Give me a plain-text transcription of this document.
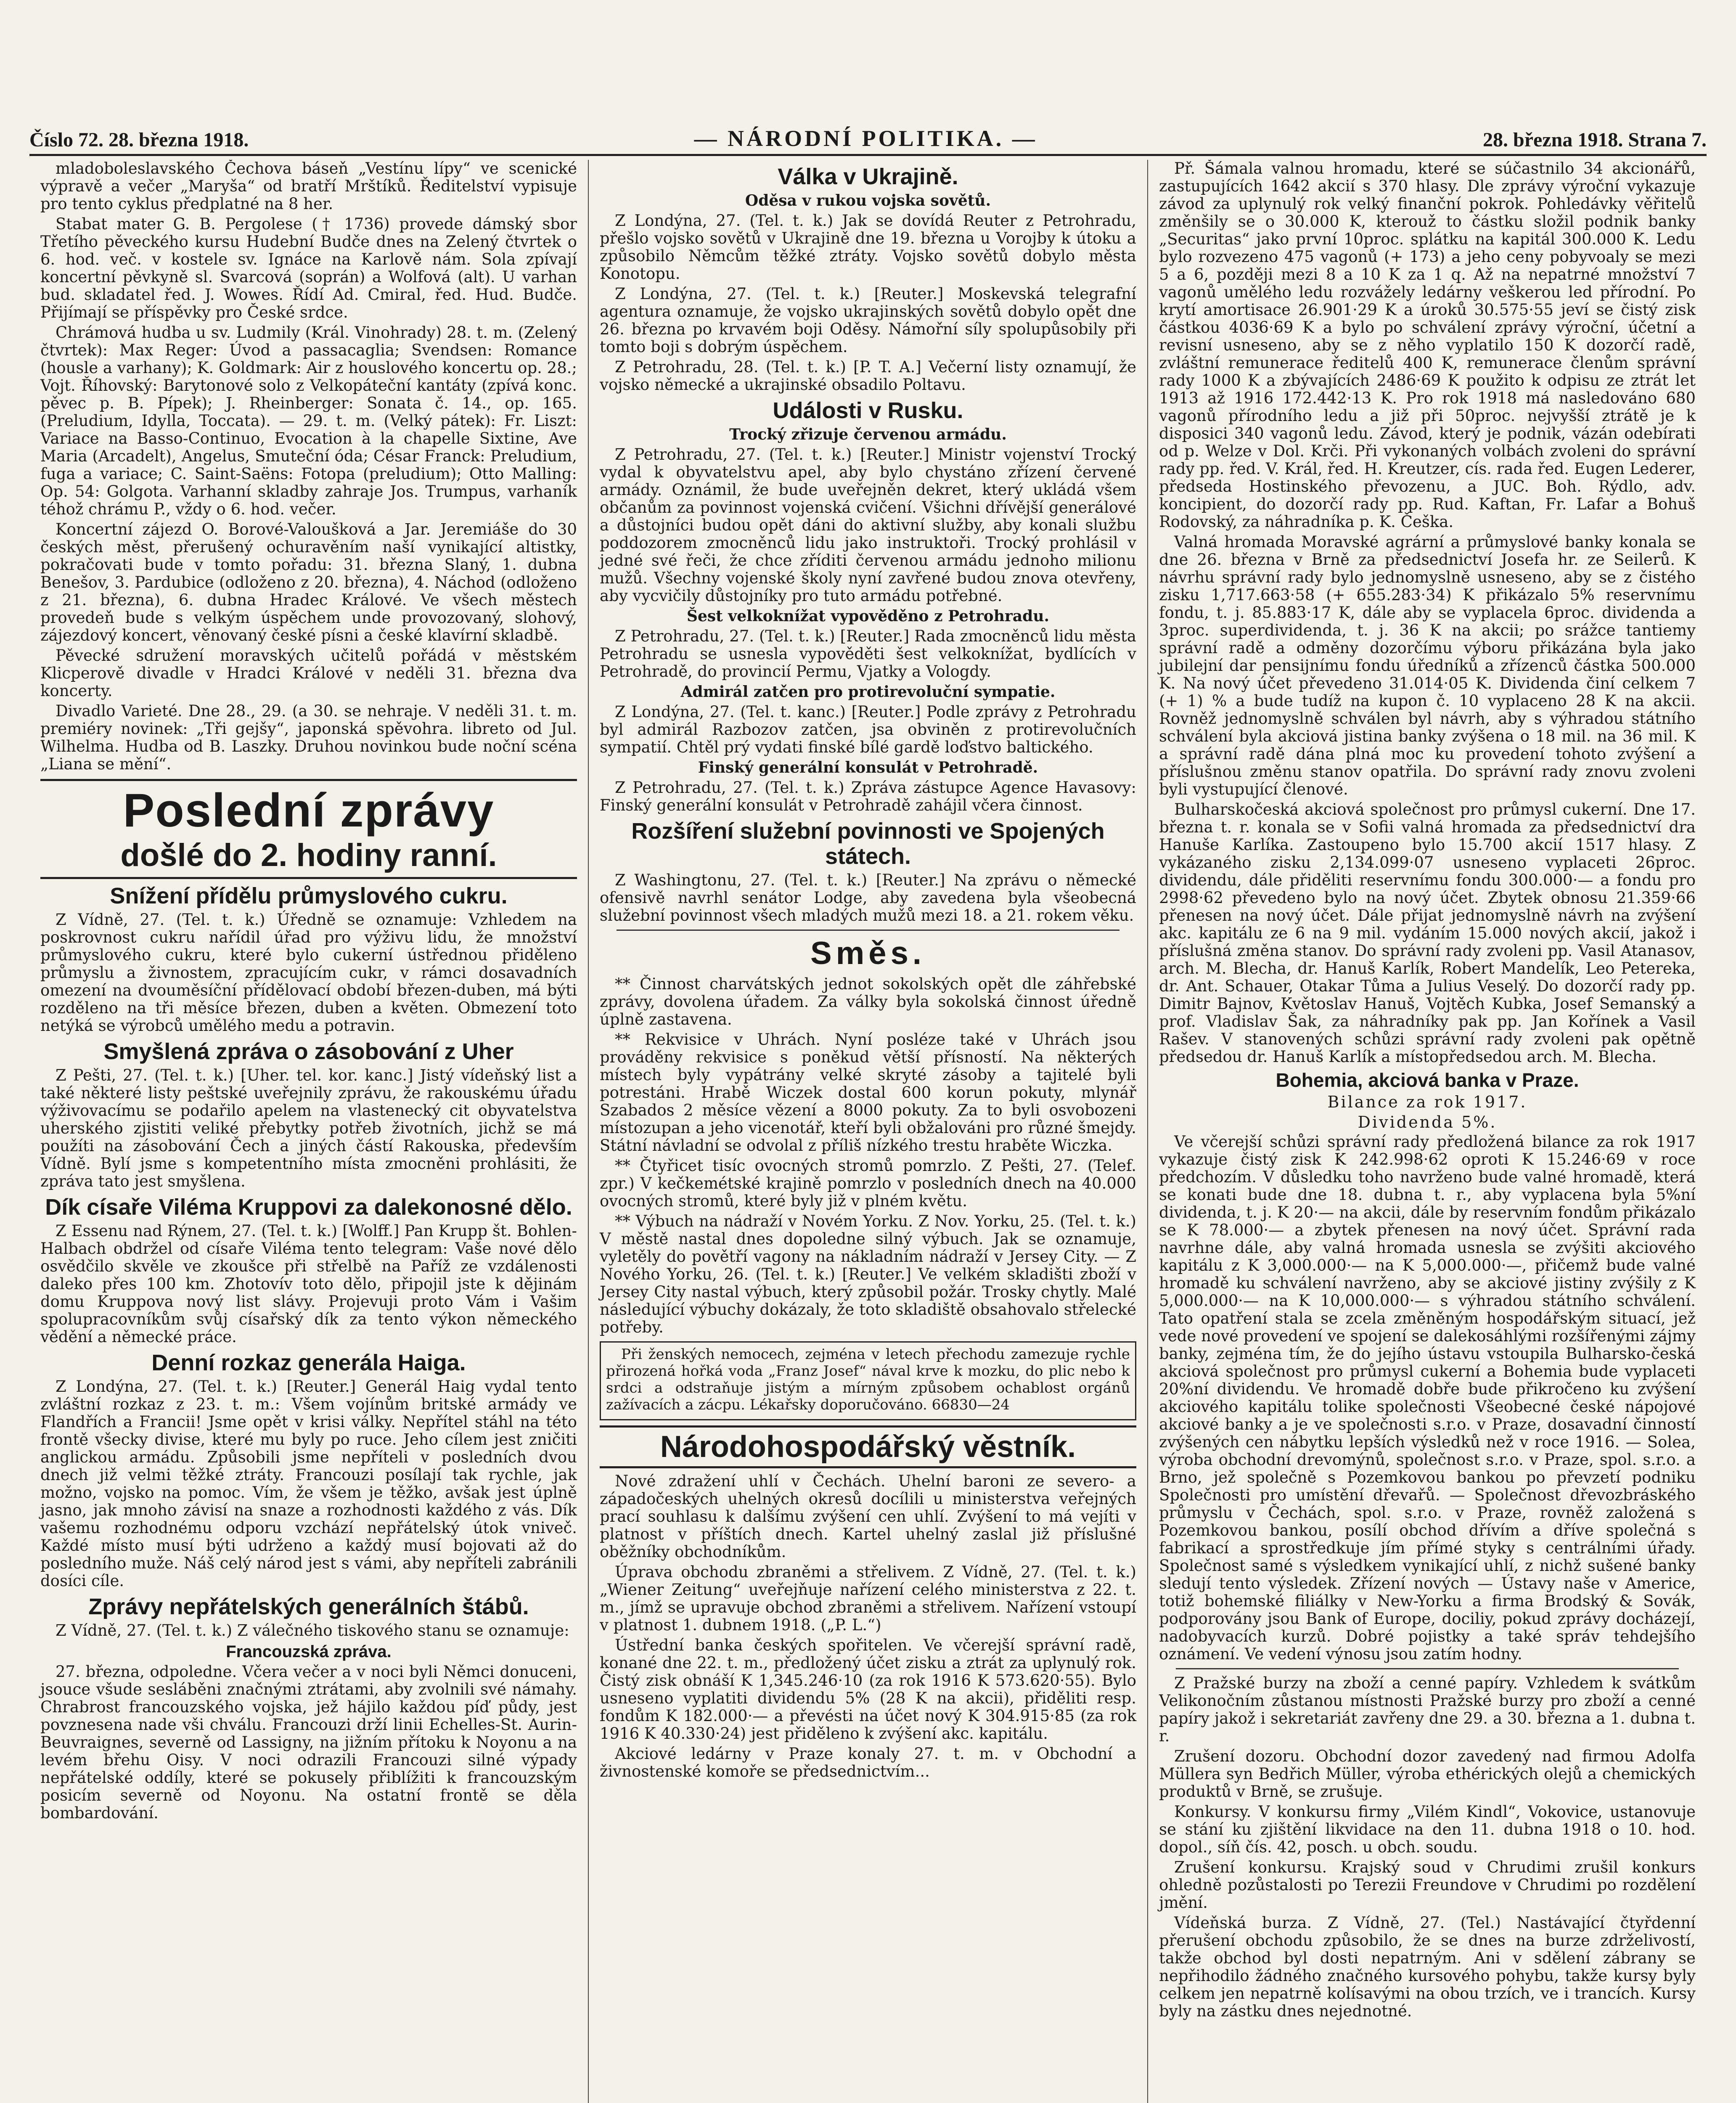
Číslo 72. 28. března 1918.	— NÁRODNÍ POLITIKA. —	28. března 1918. Strana 7.

mladoboleslavského Čechova báseň „Vestínu lípy“ ve scenické výpravě a večer „Maryša“ od bratří Mrštíků. Ředitelství vypisuje pro tento cyklus předplatné na 8 her.

Stabat mater G. B. Pergolese († 1736) provede dámský sbor Třetího pěveckého kursu Hudební Budče dnes na Zelený čtvrtek o 6. hod. več. v kostele sv. Ignáce na Karlově nám. Sola zpívají koncertní pěvkyně sl. Svarcová (soprán) a Wolfová (alt). U varhan bud. skladatel řed. J. Wowes. Řídí Ad. Cmiral, řed. Hud. Budče. Přijímají se příspěvky pro České srdce.

Chrámová hudba u sv. Ludmily (Král. Vinohrady) 28. t. m. (Zelený čtvrtek): Max Reger: Úvod a passacaglia; Svendsen: Romance (housle a varhany); K. Goldmark: Air z houslového koncertu op. 28.; Vojt. Říhovský: Barytonové solo z Velkopáteční kantáty (zpívá konc. pěvec p. B. Pípek); J. Rheinberger: Sonata č. 14., op. 165. (Preludium, Idylla, Toccata). — 29. t. m. (Velký pátek): Fr. Liszt: Variace na Basso-Continuo, Evocation à la chapelle Sixtine, Ave Maria (Arcadelt), Angelus, Smuteční óda; César Franck: Preludium, fuga a variace; C. Saint-Saëns: Fotopa (preludium); Otto Malling: Op. 54: Golgota. Varhanní skladby zahraje Jos. Trumpus, varhaník téhož chrámu P., vždy o 6. hod. večer.

Koncertní zájezd O. Borové-Valoušková a Jar. Jeremiáše do 30 českých měst, přerušený ochuravěním naší vynikající altistky, pokračovati bude v tomto pořadu: 31. března Slaný, 1. dubna Benešov, 3. Pardubice (odloženo z 20. března), 4. Náchod (odloženo z 21. března), 6. dubna Hradec Králové. Ve všech městech provedeň bude s velkým úspěchem unde provozovaný, slohový, zájezdový koncert, věnovaný české písni a české klavírní skladbě.

Pěvecké sdružení moravských učitelů pořádá v městském Klicperově divadle v Hradci Králové v neděli 31. března dva koncerty.

Divadlo Varieté. Dne 28., 29. (a 30. se nehraje. V neděli 31. t. m. premiéry novinek: „Tři gejšy“, japonská spěvohra. libreto od Jul. Wilhelma. Hudba od B. Laszky. Druhou novinkou bude noční scéna „Liana se mění“.

Poslední zprávy
došlé do 2. hodiny ranní.
Snížení přídělu průmyslového cukru.

Z Vídně, 27. (Tel. t. k.) Úředně se oznamuje: Vzhledem na poskrovnost cukru nařídil úřad pro výživu lidu, že množství průmyslového cukru, které bylo cukerní ústřednou přiděleno průmyslu a živnostem, zpracujícím cukr, v rámci dosavadních omezení na dvouměsíční přídělovací období březen-duben, má býti rozděleno na tři měsíce březen, duben a květen. Obmezení toto netýká se výrobců umělého medu a potravin.

Smyšlená zpráva o zásobování z Uher

Z Pešti, 27. (Tel. t. k.) [Uher. tel. kor. kanc.] Jistý vídeňský list a také některé listy peštské uveřejnily zprávu, že rakouskému úřadu výživovacímu se podařilo apelem na vlastenecký cit obyvatelstva uherského zjistiti veliké přebytky potřeb životních, jichž se má použíti na zásobování Čech a jiných částí Rakouska, především Vídně. Bylí jsme s kompetentního místa zmocněni prohlásiti, že zpráva tato jest smyšlena.

Dík císaře Viléma Kruppovi za dalekonosné dělo.

Z Essenu nad Rýnem, 27. (Tel. t. k.) [Wolff.] Pan Krupp št. Bohlen-Halbach obdržel od císaře Viléma tento telegram: Vaše nové dělo osvědčilo skvěle ve zkoušce při střelbě na Paříž ze vzdálenosti daleko přes 100 km. Zhotovív toto dělo, připojil jste k dějinám domu Kruppova nový list slávy. Projevuji proto Vám i Vašim spolupracovníkům svůj císařský dík za tento výkon německého vědění a německé práce.

Denní rozkaz generála Haiga.

Z Londýna, 27. (Tel. t. k.) [Reuter.] Generál Haig vydal tento zvláštní rozkaz z 23. t. m.: Všem vojínům britské armády ve Flandřích a Francii! Jsme opět v krisi války. Nepřítel stáhl na této frontě všecky divise, které mu byly po ruce. Jeho cílem jest zničiti anglickou armádu. Způsobili jsme nepříteli v posledních dvou dnech již velmi těžké ztráty. Francouzi posílají tak rychle, jak možno, vojsko na pomoc. Vím, že všem je těžko, avšak jest úplně jasno, jak mnoho závisí na snaze a rozhodnosti každého z vás. Dík vašemu rozhodnému odporu vzchází nepřátelský útok vniveč. Každé místo musí býti udrženo a každý musí bojovati až do posledního muže. Náš celý národ jest s vámi, aby nepříteli zabránili dosíci cíle.

Zprávy nepřátelských generálních štábů.

Z Vídně, 27. (Tel. t. k.) Z válečného tiskového stanu se oznamuje:

Francouzská zpráva.

27. března, odpoledne. Včera večer a v noci byli Němci donuceni, jsouce všude sesláběni značnými ztrátami, aby zvolnili své námahy. Chrabrost francouzského vojska, jež hájilo každou píď půdy, jest povznesena nade vši chválu. Francouzi drží linii Echelles-St. Aurin-Beuvraignes, severně od Lassigny, na jižním přítoku k Noyonu a na levém břehu Oisy. V noci odrazili Francouzi silné výpady nepřátelské oddíly, které se pokusely přiblížiti k francouzským posicím severně od Noyonu. Na ostatní frontě se děla bombardování.

Válka v Ukrajině.
Oděsa v rukou vojska sovětů.

Z Londýna, 27. (Tel. t. k.) Jak se dovídá Reuter z Petrohradu, přešlo vojsko sovětů v Ukrajině dne 19. března u Vorojby k útoku a způsobilo Němcům těžké ztráty. Vojsko sovětů dobylo města Konotopu.

Z Londýna, 27. (Tel. t. k.) [Reuter.] Moskevská telegrafní agentura oznamuje, že vojsko ukrajinských sovětů dobylo opět dne 26. března po krvavém boji Oděsy. Námořní síly spolupůsobily při tomto boji s dobrým úspěchem.

Z Petrohradu, 28. (Tel. t. k.) [P. T. A.] Večerní listy oznamují, že vojsko německé a ukrajinské obsadilo Poltavu.

Události v Rusku.
Trocký zřizuje červenou armádu.

Z Petrohradu, 27. (Tel. t. k.) [Reuter.] Ministr vojenství Trocký vydal k obyvatelstvu apel, aby bylo chystáno zřízení červené armády. Oznámil, že bude uveřejněn dekret, který ukládá všem občanům za povinnost vojenská cvičení. Všichni dřívější generálové a důstojníci budou opět dáni do aktivní služby, aby konali službu poddozorem zmocněnců lidu jako instruktoři. Trocký prohlásil v jedné své řeči, že chce zříditi červenou armádu jednoho milionu mužů. Všechny vojenské školy nyní zavřené budou znova otevřeny, aby vycvičily důstojníky pro tuto armádu potřebné.

Šest velkoknížat vypověděno z Petrohradu.

Z Petrohradu, 27. (Tel. t. k.) [Reuter.] Rada zmocněnců lidu města Petrohradu se usnesla vypověděti šest velkoknížat, bydlících v Petrohradě, do provincií Permu, Vjatky a Vologdy.

Admirál zatčen pro protirevoluční sympatie.

Z Londýna, 27. (Tel. t. kanc.) [Reuter.] Podle zprávy z Petrohradu byl admirál Razbozov zatčen, jsa obviněn z protirevolučních sympatií. Chtěl prý vydati finské bílé gardě loďstvo baltického.

Finský generální konsulát v Petrohradě.

Z Petrohradu, 27. (Tel. t. k.) Zpráva zástupce Agence Havasovy: Finský generální konsulát v Petrohradě zahájil včera činnost.

Rozšíření služební povinnosti ve Spojených státech.

Z Washingtonu, 27. (Tel. t. k.) [Reuter.] Na zprávu o německé ofensivě navrhl senátor Lodge, aby zavedena byla všeobecná služební povinnost všech mladých mužů mezi 18. a 21. rokem věku.

Směs.

** Činnost charvátských jednot sokolských opět dle záhřebské zprávy, dovolena úřadem. Za války byla sokolská činnost úředně úplně zastavena.

** Rekvisice v Uhrách. Nyní posléze také v Uhrách jsou prováděny rekvisice s poněkud větší přísností. Na některých místech byly vypátrány velké skryté zásoby a tajitelé byli potrestáni. Hrabě Wiczek dostal 600 korun pokuty, mlynář Szabados 2 měsíce vězení a 8000 pokuty. Za to byli osvobozeni místozupan a jeho vicenotář, kteří byli obžalováni pro různé šmejdy. Státní návladní se odvolal z příliš nízkého trestu hraběte Wiczka.

** Čtyřicet tisíc ovocných stromů pomrzlo. Z Pešti, 27. (Telef. zpr.) V kečkemétské krajině pomrzlo v posledních dnech na 40.000 ovocných stromů, které byly již v plném květu.

** Výbuch na nádraží v Novém Yorku. Z Nov. Yorku, 25. (Tel. t. k.) V městě nastal dnes dopoledne silný výbuch. Jak se oznamuje, vyletěly do povětří vagony na nákladním nádraží v Jersey City. — Z Nového Yorku, 26. (Tel. t. k.) [Reuter.] Ve velkém skladišti zboží v Jersey City nastal výbuch, který způsobil požár. Trosky chytly. Malé následující výbuchy dokázaly, že toto skladiště obsahovalo střelecké potřeby.

Při ženských nemocech, zejména v letech přechodu zamezuje rychle přirozená hořká voda „Franz Josef“ nával krve k mozku, do plic nebo k srdci a odstraňuje jistým a mírným způsobem ochablost orgánů zažívacích a zácpu. Lékařsky doporučováno. 66830—24

Národohospodářský věstník.

Nové zdražení uhlí v Čechách. Uhelní baroni ze severo- a západočeských uhelných okresů docílili u ministerstva veřejných prací souhlasu k dalšímu zvýšení cen uhlí. Zvýšení to má vejíti v platnost v příštích dnech. Kartel uhelný zaslal již příslušné oběžníky obchodníkům.

Úprava obchodu zbraněmi a střelivem. Z Vídně, 27. (Tel. t. k.) „Wiener Zeitung“ uveřejňuje nařízení celého ministerstva z 22. t. m., jímž se upravuje obchod zbraněmi a střelivem. Nařízení vstoupí v platnost 1. dubnem 1918. („P. L.“)

Ústřední banka českých spořitelen. Ve včerejší správní radě, konané dne 22. t. m., předložený účet zisku a ztrát za uplynulý rok. Čistý zisk obnáší K 1,345.246·10 (za rok 1916 K 573.620·55). Bylo usneseno vyplatiti dividendu 5% (28 K na akcii), přiděliti resp. fondům K 182.000·— a převésti na účet nový K 304.915·85 (za rok 1916 K 40.330·24) jest přiděleno k zvýšení akc. kapitálu.

Akciové ledárny v Praze konaly 27. t. m. v Obchodní a živnostenské komoře se předsednictvím...

Př. Šámala valnou hromadu, které se súčastnilo 34 akcionářů, zastupujících 1642 akcií s 370 hlasy. Dle zprávy výroční vykazuje závod za uplynulý rok velký finanční pokrok. Pohledávky věřitelů změnšily se o 30.000 K, kterouž to částku složil podnik banky „Securitas“ jako první 10proc. splátku na kapitál 300.000 K. Ledu bylo rozvezeno 475 vagonů (+ 173) a jeho ceny pobyvoaly se mezi 5 a 6, později mezi 8 a 10 K za 1 q. Až na nepatrné množství 7 vagonů umělého ledu rozvážely ledárny veškerou led přírodní. Po krytí amortisace 26.901·29 K a úroků 30.575·55 jeví se čistý zisk částkou 4036·69 K a bylo po schválení zprávy výroční, účetní a revisní usneseno, aby se z něho vyplatilo 150 K dozorčí radě, zvláštní remunerace ředitelů 400 K, remunerace členům správní rady 1000 K a zbývajících 2486·69 K použito k odpisu ze ztrát let 1913 až 1916 172.442·13 K. Pro rok 1918 má nasledováno 680 vagonů přírodního ledu a již při 50proc. nejvyšší ztrátě je k disposici 340 vagonů ledu. Závod, který je podnik, vázán odebírati od p. Welze v Dol. Krči. Při vykonaných volbách zvoleni do správní rady pp. řed. V. Král, řed. H. Kreutzer, cís. rada řed. Eugen Lederer, předseda Hostinského převozenu, a JUC. Boh. Rýdlo, adv. koncipient, do dozorčí rady pp. Rud. Kaftan, Fr. Lafar a Bohuš Rodovský, za náhradníka p. K. Češka.

Valná hromada Moravské agrární a průmyslové banky konala se dne 26. března v Brně za předsednictví Josefa hr. ze Seilerů. K návrhu správní rady bylo jednomyslně usneseno, aby se z čistého zisku 1,717.663·58 (+ 655.283·34) K přikázalo 5% reservnímu fondu, t. j. 85.883·17 K, dále aby se vyplacela 6proc. dividenda a 3proc. superdividenda, t. j. 36 K na akcii; po srážce tantiemy správní radě a odměny dozorčímu výboru přikázána byla jako jubilejní dar pensijnímu fondu úředníků a zřízenců částka 500.000 K. Na nový účet převedeno 31.014·05 K. Dividenda činí celkem 7 (+ 1) % a bude tudíž na kupon č. 10 vyplaceno 28 K na akcii. Rovněž jednomyslně schválen byl návrh, aby s výhradou státního schválení byla akciová jistina banky zvýšena o 18 mil. na 36 mil. K a správní radě dána plná moc ku provedení tohoto zvýšení a příslušnou změnu stanov opatřila. Do správní rady znovu zvoleni byli vystupující členové.

Bulharskočeská akciová společnost pro průmysl cukerní. Dne 17. března t. r. konala se v Sofii valná hromada za předsednictví dra Hanuše Karlíka. Zastoupeno bylo 15.700 akcií 1517 hlasy. Z vykázaného zisku 2,134.099·07 usneseno vyplaceti 26proc. dividendu, dále přiděliti reservnímu fondu 300.000·— a fondu pro 2998·62 převedeno bylo na nový účet. Zbytek obnosu 21.359·66 přenesen na nový účet. Dále přijat jednomyslně návrh na zvýšení akc. kapitálu ze 6 na 9 mil. vydáním 15.000 nových akcií, jakož i příslušná změna stanov. Do správní rady zvoleni pp. Vasil Atanasov, arch. M. Blecha, dr. Hanuš Karlík, Robert Mandelík, Leo Petereka, dr. Ant. Schauer, Otakar Tůma a Julius Veselý. Do dozorčí rady pp. Dimitr Bajnov, Květoslav Hanuš, Vojtěch Kubka, Josef Semanský a prof. Vladislav Šak, za náhradníky pak pp. Jan Kořínek a Vasil Rašev. V stanovených schůzi správní rady zvoleni pak opětně předsedou dr. Hanuš Karlík a místopředsedou arch. M. Blecha.

Bohemia, akciová banka v Praze.
Bilance za rok 1917.
Dividenda 5%.

Ve včerejší schůzi správní rady předložená bilance za rok 1917 vykazuje čistý zisk K 242.998·62 oproti K 15.246·69 v roce předchozím. V důsledku toho navrženo bude valné hromadě, která se konati bude dne 18. dubna t. r., aby vyplacena byla 5%ní dividenda, t. j. K 20·— na akcii, dále by reservním fondům přikázalo se K 78.000·— a zbytek přenesen na nový účet. Správní rada navrhne dále, aby valná hromada usnesla se zvýšiti akciového kapitálu z K 3,000.000·— na K 5,000.000·—, přičemž bude valné hromadě ku schválení navrženo, aby se akciové jistiny zvýšily z K 5,000.000·— na K 10,000.000·— s výhradou státního schválení. Tato opatření stala se zcela změněným hospodářským situací, jež vede nové provedení ve spojení se dalekosáhlými rozšířenými zájmy banky, zejména tím, že do jejího ústavu vstoupila Bulharsko-česká akciová společnost pro průmysl cukerní a Bohemia bude vyplaceti 20%ní dividendu. Ve hromadě dobře bude přikročeno ku zvýšení akciového kapitálu tolike společnosti Všeobecné české nápojové akciové banky a je ve společnosti s.r.o. v Praze, dosavadní činností zvýšených cen nábytku lepších výsledků než v roce 1916. — Solea, výroba obchodní drevomýnů, společnost s.r.o. v Praze, spol. s.r.o. a Brno, jež společně s Pozemkovou bankou po převzetí podniku Společnosti pro umístění dřevařů. — Společnost dřevozbráského průmyslu v Čechách, spol. s.r.o. v Praze, rovněž založená s Pozemkovou bankou, posílí obchod dřívím a dříve společná s fabrikací a sprostředkuje jím přímé styky s centrálními úřady. Společnost samé s výsledkem vynikající uhlí, z nichž sušené banky sledují tento výsledek. Zřízení nových — Ústavy naše v Americe, totiž bohemské filiálky v New-Yorku a firma Brodský & Sovák, podporovány jsou Bank of Europe, dociliy, pokud zprávy docházejí, nadobyvacích kurzů. Dobré pojistky a také správ tehdejšího oznámení. Ve vedení výnosu jsou zatím hodny.

Z Pražské burzy na zboží a cenné papíry. Vzhledem k svátkům Velikonočním zůstanou místnosti Pražské burzy pro zboží a cenné papíry jakož i sekretariát zavřeny dne 29. a 30. března a 1. dubna t. r.

Zrušení dozoru. Obchodní dozor zavedený nad firmou Adolfa Müllera syn Bedřich Müller, výroba ethérických olejů a chemických produktů v Brně, se zrušuje.

Konkursy. V konkursu firmy „Vilém Kindl“, Vokovice, ustanovuje se stání ku zjištění likvidace na den 11. dubna 1918 o 10. hod. dopol., síň čís. 42, posch. u obch. soudu.

Zrušení konkursu. Krajský soud v Chrudimi zrušil konkurs ohledně pozůstalosti po Terezii Freundove v Chrudimi po rozdělení jmění.

Vídeňská burza. Z Vídně, 27. (Tel.) Nastávající čtyřdenní přerušení obchodu způsobilo, že se dnes na burze zdrželivostí, takže obchod byl dosti nepatrným. Ani v sdělení zábrany se nepřihodilo žádného značného kursového pohybu, takže kursy byly celkem jen nepatrně kolísavými na obou trzích, ve i trancích. Kursy byly na zástku dnes nejednotné.
